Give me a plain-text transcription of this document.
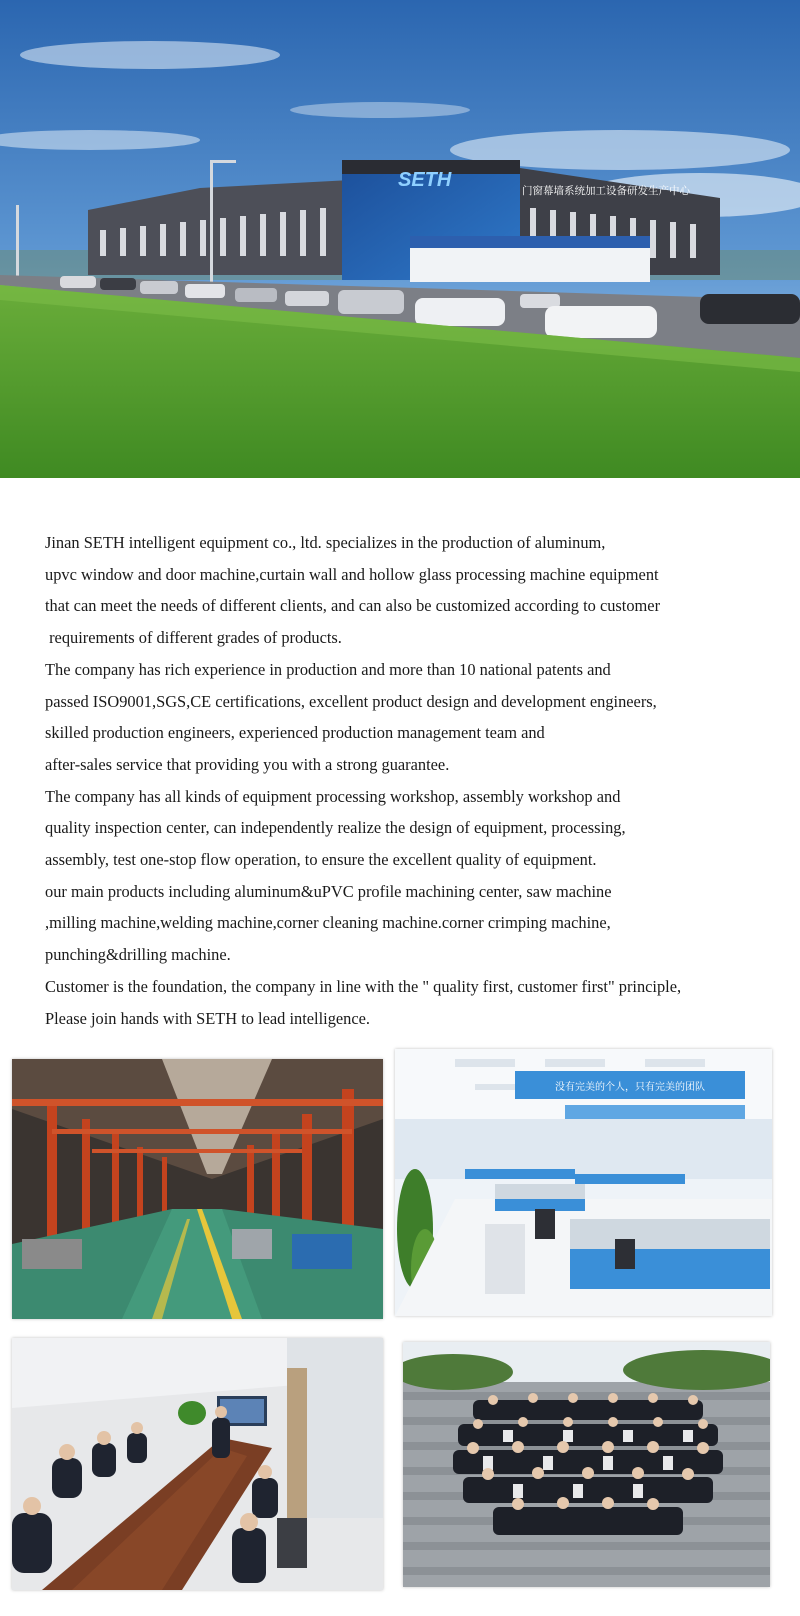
SETH	门窗幕墙系统加工设备研发生产中心
Jinan SETH intelligent equipment co., ltd. specializes in the production of aluminum,
upvc window and door machine,curtain wall and hollow glass processing machine equipment
that can meet the needs of different clients, and can also be customized according to customer
requirements of different grades of products.
The company has rich experience in production and more than 10 national patents and
passed ISO9001,SGS,CE certifications, excellent product design and development engineers,
skilled production engineers, experienced production management team and
after-sales service that providing you with a strong guarantee.
The company has all kinds of equipment processing workshop, assembly workshop and
quality inspection center, can independently realize the design of equipment, processing,
assembly, test one-stop flow operation, to ensure the excellent quality of equipment.
our main products including aluminum&uPVC profile machining center, saw machine
,milling machine,welding machine,corner cleaning machine.corner crimping machine,
punching&drilling machine.
Customer is the foundation, the company in line with the " quality first, customer first" principle,
Please join hands with SETH to lead intelligence.
没有完美的个人，只有完美的团队
